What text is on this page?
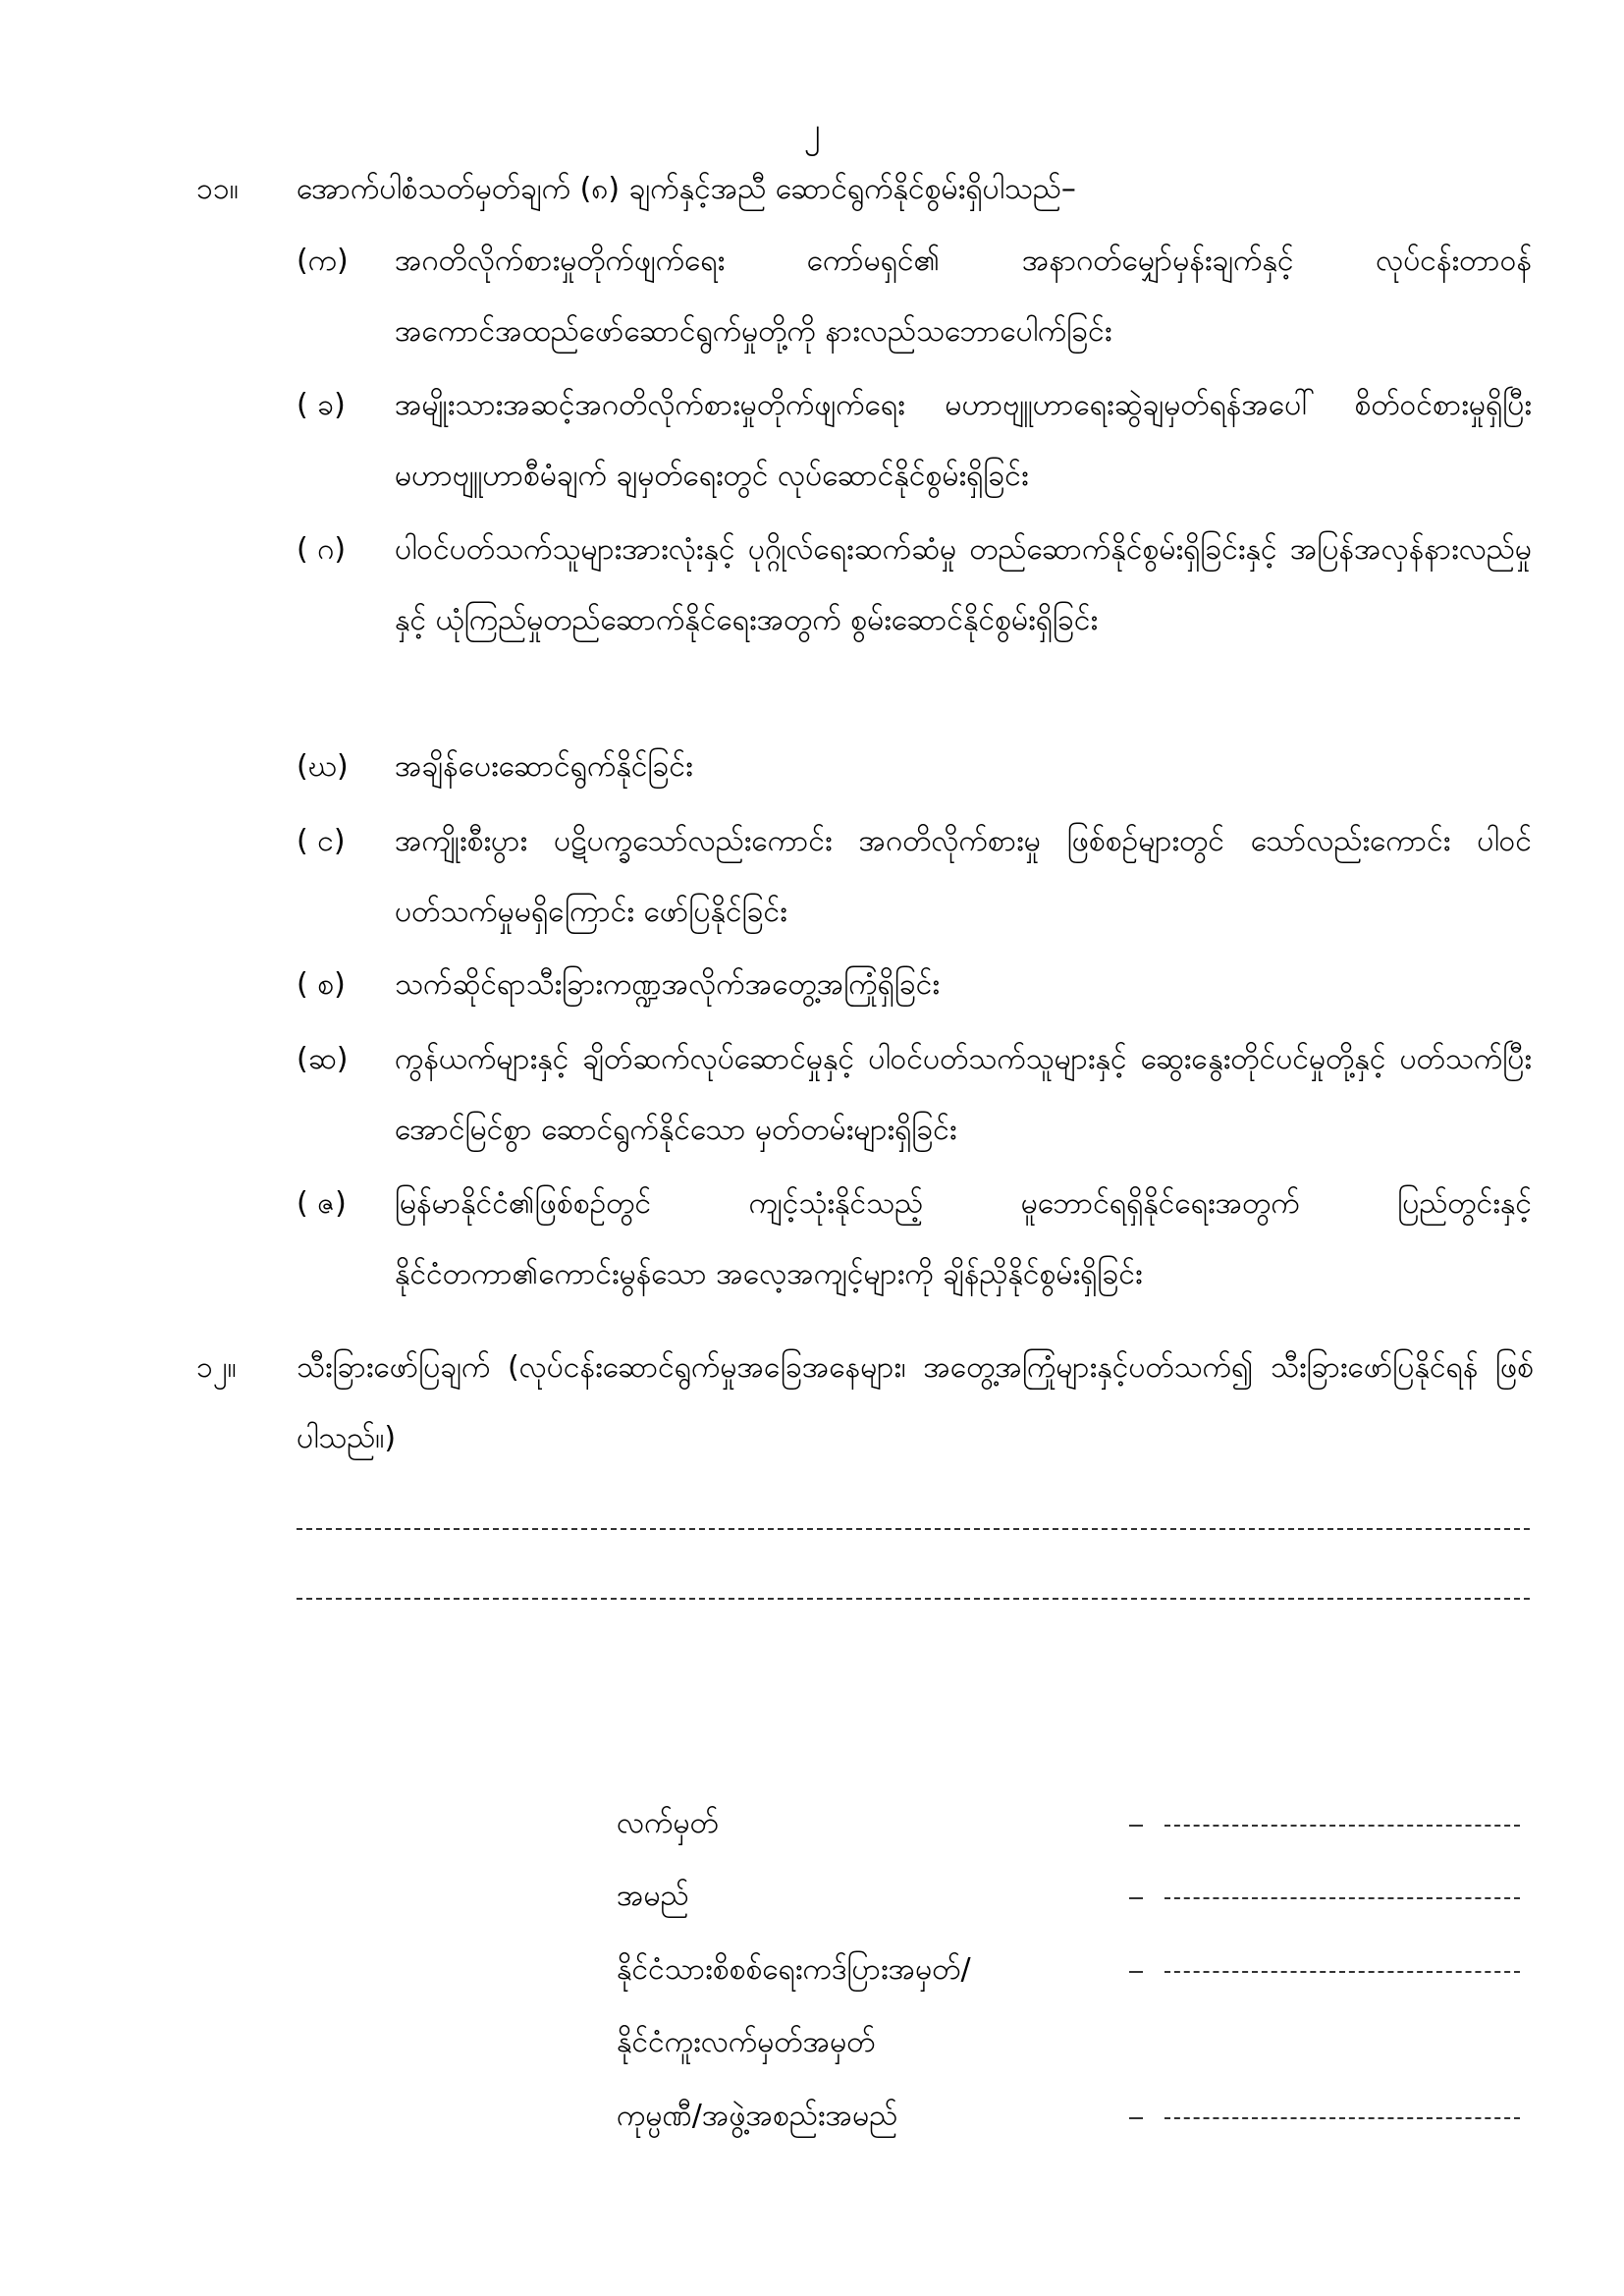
၂
၁၁။ အောက်ပါစံသတ်မှတ်ချက် (၈) ချက်နှင့်အညီ ဆောင်ရွက်နိုင်စွမ်းရှိပါသည်–
(က)	အဂတိလိုက်စားမှုတိုက်ဖျက်ရေး ကော်မရှင်၏ အနာဂတ်မျှော်မှန်းချက်နှင့် လုပ်ငန်းတာဝန်အကောင်အထည်ဖော်ဆောင်ရွက်မှုတို့ကို နားလည်သဘောပေါက်ခြင်း
( ခ)	အမျိုးသားအဆင့်အဂတိလိုက်စားမှုတိုက်ဖျက်ရေး မဟာဗျူဟာရေးဆွဲချမှတ်ရန်အပေါ် စိတ်ဝင်စားမှုရှိပြီး မဟာဗျူဟာစီမံချက် ချမှတ်ရေးတွင် လုပ်ဆောင်နိုင်စွမ်းရှိခြင်း
( ဂ)	ပါဝင်ပတ်သက်သူများအားလုံးနှင့် ပုဂ္ဂိုလ်ရေးဆက်ဆံမှု တည်ဆောက်နိုင်စွမ်းရှိခြင်းနှင့် အပြန်အလှန်နားလည်မှုနှင့် ယုံကြည်မှုတည်ဆောက်နိုင်ရေးအတွက် စွမ်းဆောင်နိုင်စွမ်းရှိခြင်း
(ဃ)	အချိန်ပေးဆောင်ရွက်နိုင်ခြင်း
( င)	အကျိုးစီးပွား ပဋိပက္ခသော်လည်းကောင်း အဂတိလိုက်စားမှု ဖြစ်စဉ်များတွင် သော်လည်းကောင်း ပါဝင်ပတ်သက်မှုမရှိကြောင်း ဖော်ပြနိုင်ခြင်း
( စ)	သက်ဆိုင်ရာသီးခြားကဏ္ဍအလိုက်အတွေ့အကြုံရှိခြင်း
(ဆ)	ကွန်ယက်များနှင့် ချိတ်ဆက်လုပ်ဆောင်မှုနှင့် ပါဝင်ပတ်သက်သူများနှင့် ဆွေးနွေးတိုင်ပင်မှုတို့နှင့် ပတ်သက်ပြီး အောင်မြင်စွာ ဆောင်ရွက်နိုင်သော မှတ်တမ်းများရှိခြင်း
( ဇ)	မြန်မာနိုင်ငံ၏ဖြစ်စဉ်တွင် ကျင့်သုံးနိုင်သည့် မူဘောင်ရရှိနိုင်ရေးအတွက် ပြည်တွင်းနှင့် နိုင်ငံတကာ၏ကောင်းမွန်သော အလေ့အကျင့်များကို ချိန်ညှိနိုင်စွမ်းရှိခြင်း
၁၂။ သီးခြားဖော်ပြချက် (လုပ်ငန်းဆောင်ရွက်မှုအခြေအနေများ၊ အတွေ့အကြုံများနှင့်ပတ်သက်၍ သီးခြားဖော်ပြနိုင်ရန် ဖြစ်ပါသည်။)
လက်မှတ်
အမည်
နိုင်ငံသားစိစစ်ရေးကဒ်ပြားအမှတ်/
နိုင်ငံကူးလက်မှတ်အမှတ်
ကုမ္ပဏီ/အဖွဲ့အစည်းအမည်
